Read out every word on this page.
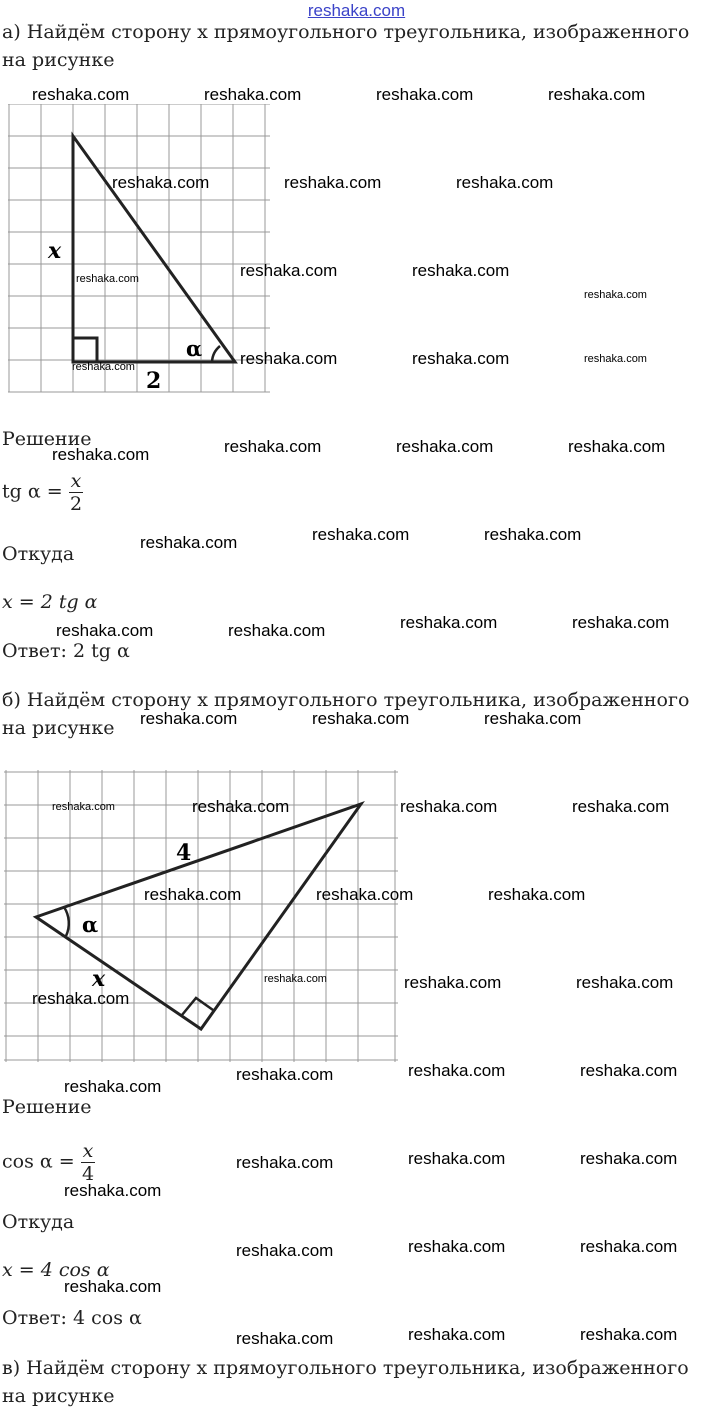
reshaka.com
а) Найдём сторону x прямоугольного треугольника, изображенного на рисунке
x
2
α
Решение
tg $\alpha = \frac{x}{2}$
Откуда
x = 2 tg α
Ответ: 2 tg α
б) Найдём сторону x прямоугольного треугольника, изображенного на рисунке
4
α
x
Решение
$\cos \alpha = \frac{x}{4}$
Откуда
x = 4 cos α
Ответ: 4 cos α
в) Найдём сторону x прямоугольного треугольника, изображенного на рисунке
reshaka.com	reshaka.com	reshaka.com	reshaka.com
reshaka.com	reshaka.com	reshaka.com
reshaka.com	reshaka.com
reshaka.com
reshaka.com
reshaka.com	reshaka.com	reshaka.com
reshaka.com
reshaka.com	reshaka.com	reshaka.com
reshaka.com
reshaka.com	reshaka.com
reshaka.com
reshaka.com	reshaka.com
reshaka.com	reshaka.com
reshaka.com	reshaka.com	reshaka.com
reshaka.com	reshaka.com	reshaka.com	reshaka.com
reshaka.com	reshaka.com	reshaka.com
reshaka.com	reshaka.com	reshaka.com
reshaka.com
reshaka.com	reshaka.com
reshaka.com
reshaka.com
reshaka.com	reshaka.com
reshaka.com
reshaka.com
reshaka.com	reshaka.com
reshaka.com
reshaka.com
reshaka.com	reshaka.com
reshaka.com
